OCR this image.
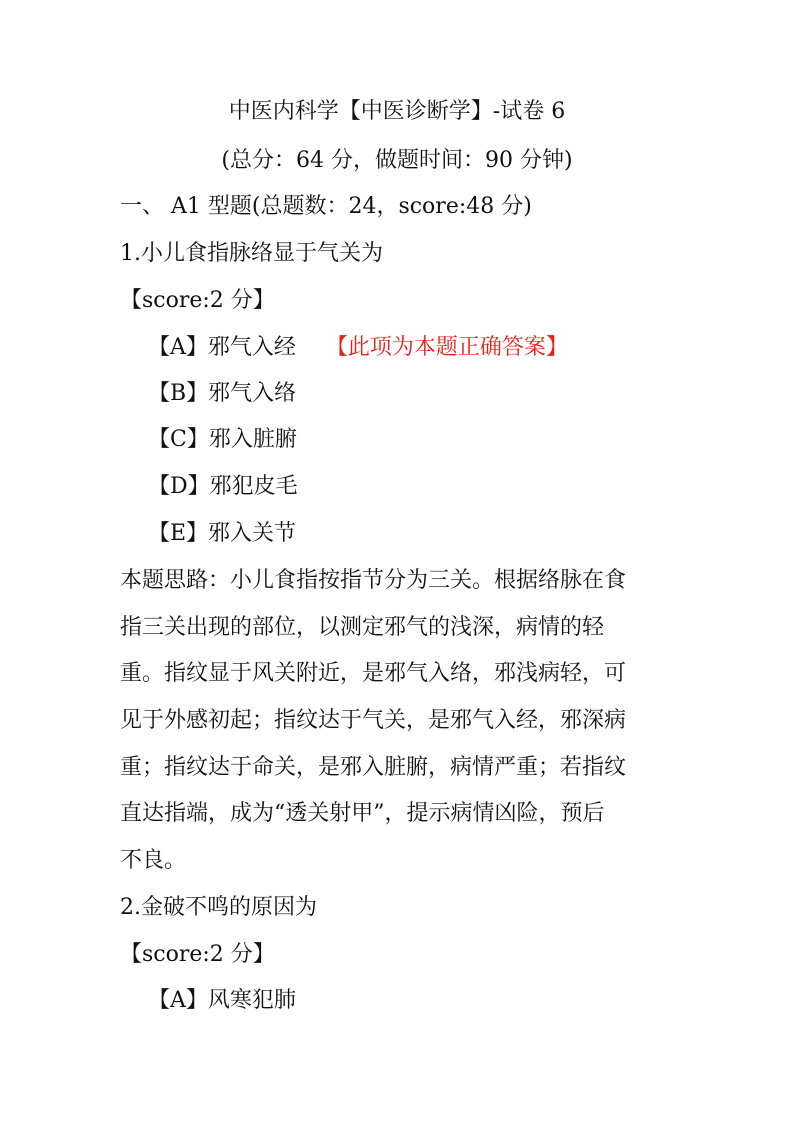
中医内科学【中医诊断学】-试卷 6
(总分：64 分，做题时间：90 分钟)
一、 A1 型题(总题数：24，score:48 分)
1.小儿食指脉络显于气关为
【score:2 分】
【A】邪气入经 【此项为本题正确答案】
【B】邪气入络
【C】邪入脏腑
【D】邪犯皮毛
【E】邪入关节
本题思路：小儿食指按指节分为三关。根据络脉在食
指三关出现的部位，以测定邪气的浅深，病情的轻
重。指纹显于风关附近，是邪气入络，邪浅病轻，可
见于外感初起；指纹达于气关，是邪气入经，邪深病
重；指纹达于命关，是邪入脏腑，病情严重；若指纹
直达指端，成为“透关射甲”，提示病情凶险，预后
不良。
2.金破不鸣的原因为
【score:2 分】
【A】风寒犯肺
